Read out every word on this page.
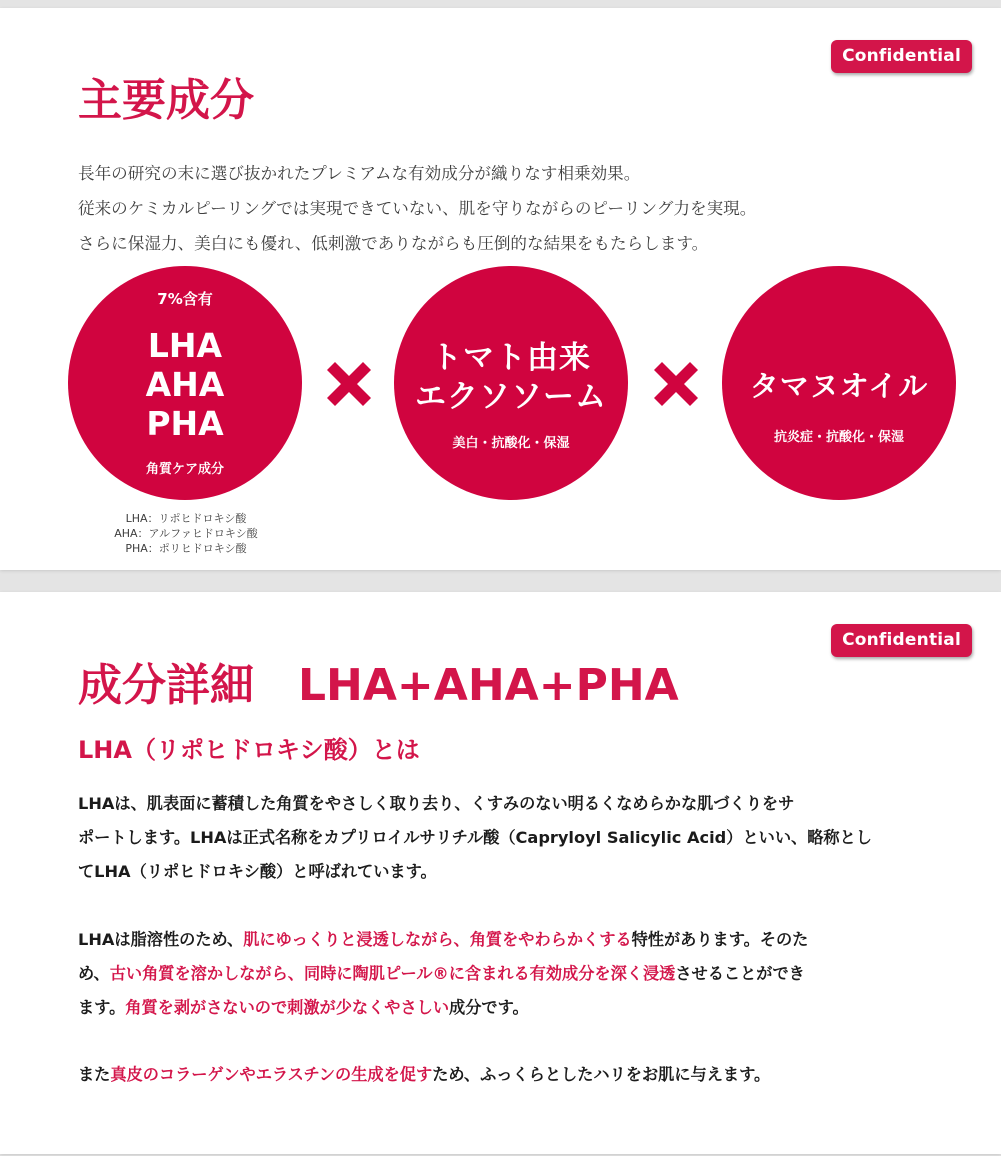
Confidential
主要成分
長年の研究の末に選び抜かれたプレミアムな有効成分が織りなす相乗効果。
従来のケミカルピーリングでは実現できていない、肌を守りながらのピーリング力を実現。
さらに保湿力、美白にも優れ、低刺激でありながらも圧倒的な結果をもたらします。
7%含有
LHA
AHA
PHA
角質ケア成分
トマト由来
エクソソーム
美白・抗酸化・保湿
タマヌオイル
抗炎症・抗酸化・保湿
LHA：リポヒドロキシ酸
AHA：アルファヒドロキシ酸
PHA：ポリヒドロキシ酸
Confidential
成分詳細　LHA+AHA+PHA
LHA（リポヒドロキシ酸）とは

LHAは、肌表面に蓄積した角質をやさしく取り去り、くすみのない明るくなめらかな肌づくりをサ
ポートします。LHAは正式名称をカプリロイルサリチル酸（Capryloyl Salicylic Acid）といい、略称とし
てLHA（リポヒドロキシ酸）と呼ばれています。

LHAは脂溶性のため、肌にゆっくりと浸透しながら、角質をやわらかくする特性があります。そのた
め、古い角質を溶かしながら、同時に陶肌ピール®に含まれる有効成分を深く浸透させることができ
ます。角質を剥がさないので刺激が少なくやさしい成分です。

また真皮のコラーゲンやエラスチンの生成を促すため、ふっくらとしたハリをお肌に与えます。
